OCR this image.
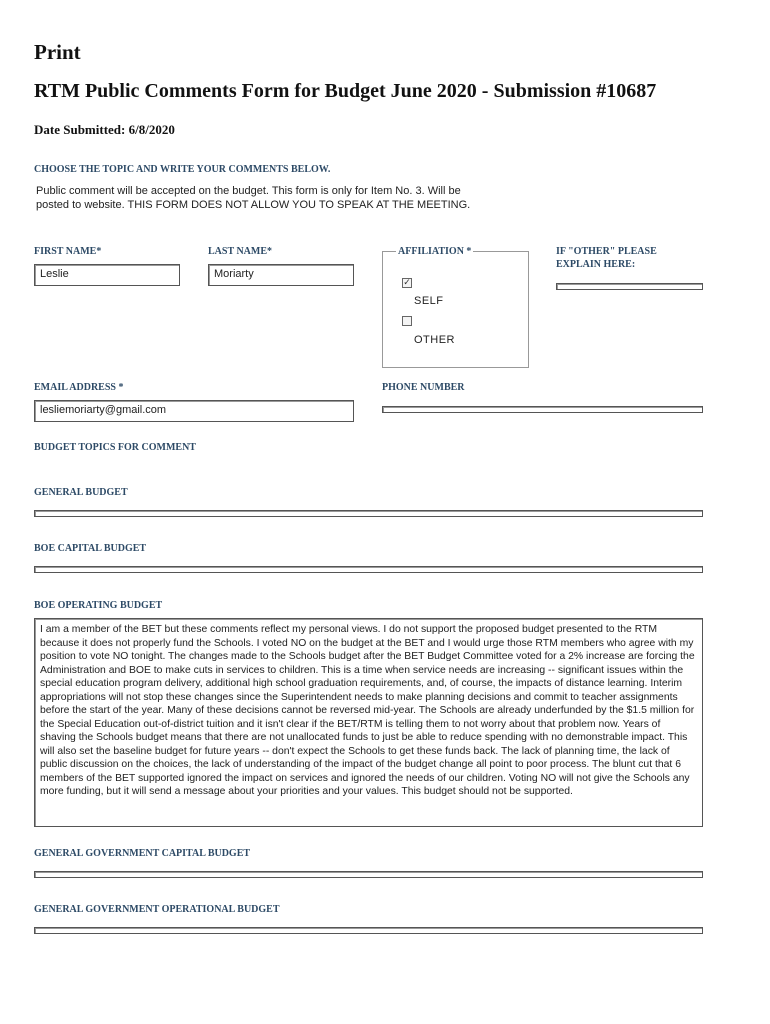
Print
RTM Public Comments Form for Budget June 2020 - Submission #10687
Date Submitted: 6/8/2020
CHOOSE THE TOPIC AND WRITE YOUR COMMENTS BELOW.
Public comment will be accepted on the budget. This form is only for Item No. 3. Will be posted to website. THIS FORM DOES NOT ALLOW YOU TO SPEAK AT THE MEETING.
FIRST NAME*
Leslie
LAST NAME*
Moriarty
AFFILIATION *
✓
SELF
OTHER
IF "OTHER" PLEASE
EXPLAIN HERE:
EMAIL ADDRESS *
lesliemoriarty@gmail.com
PHONE NUMBER
BUDGET TOPICS FOR COMMENT
GENERAL BUDGET
BOE CAPITAL BUDGET
BOE OPERATING BUDGET
I am a member of the BET but these comments reflect my personal views. I do not support the proposed budget presented to the RTM because it does not properly fund the Schools. I voted NO on the budget at the BET and I would urge those RTM members who agree with my position to vote NO tonight. The changes made to the Schools budget after the BET Budget Committee voted for a 2% increase are forcing the Administration and BOE to make cuts in services to children. This is a time when service needs are increasing -- significant issues within the special education program delivery, additional high school graduation requirements, and, of course, the impacts of distance learning. Interim appropriations will not stop these changes since the Superintendent needs to make planning decisions and commit to teacher assignments before the start of the year. Many of these decisions cannot be reversed mid-year. The Schools are already underfunded by the $1.5 million for the Special Education out-of-district tuition and it isn't clear if the BET/RTM is telling them to not worry about that problem now. Years of shaving the Schools budget means that there are not unallocated funds to just be able to reduce spending with no demonstrable impact. This will also set the baseline budget for future years -- don't expect the Schools to get these funds back. The lack of planning time, the lack of public discussion on the choices, the lack of understanding of the impact of the budget change all point to poor process. The blunt cut that 6 members of the BET supported ignored the impact on services and ignored the needs of our children. Voting NO will not give the Schools any more funding, but it will send a message about your priorities and your values. This budget should not be supported.
GENERAL GOVERNMENT CAPITAL BUDGET
GENERAL GOVERNMENT OPERATIONAL BUDGET
